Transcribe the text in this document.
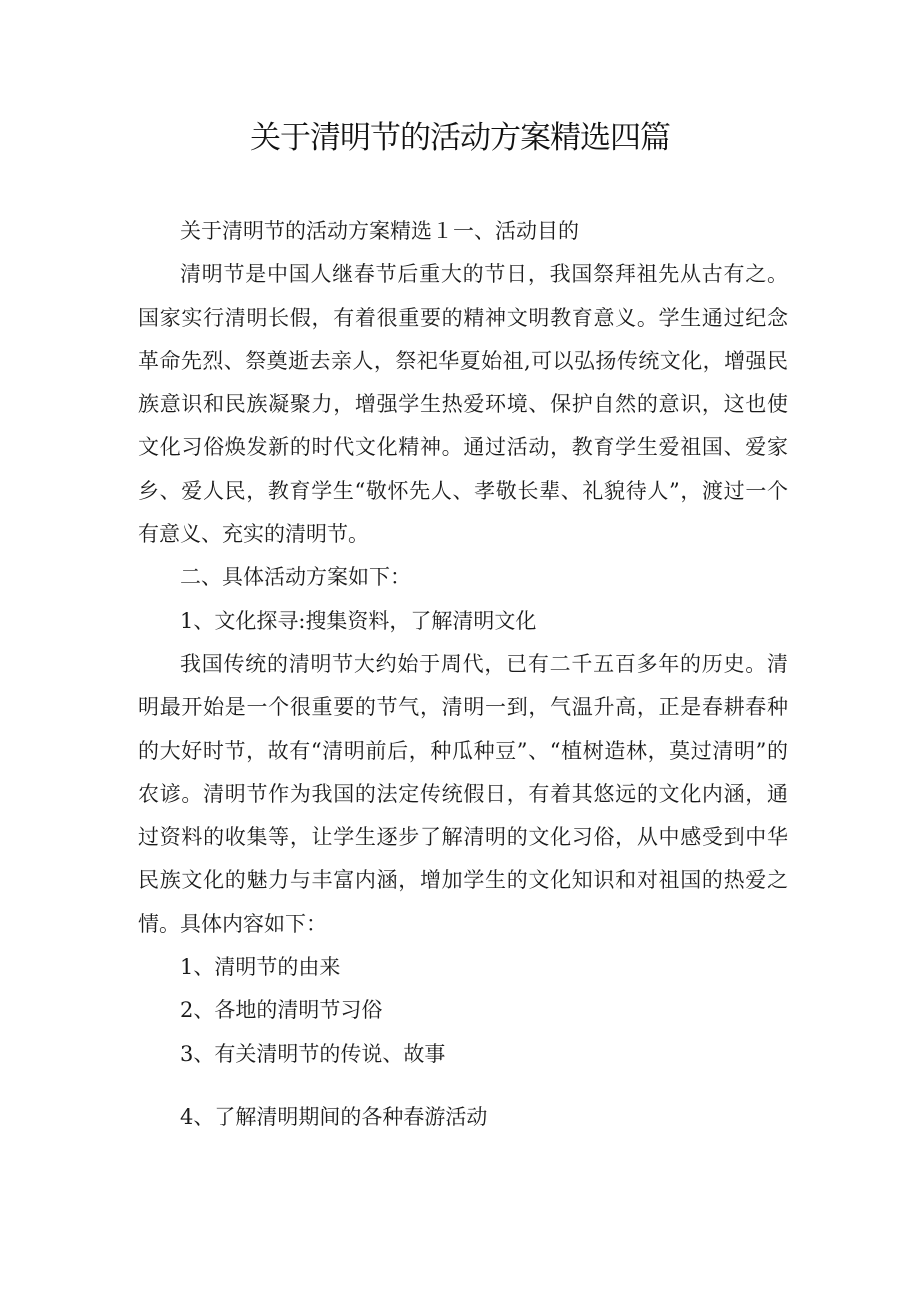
关于清明节的活动方案精选四篇

关于清明节的活动方案精选１一、活动目的

清明节是中国人继春节后重大的节日，我国祭拜祖先从古有之。国家实行清明长假，有着很重要的精神文明教育意义。学生通过纪念革命先烈、祭奠逝去亲人，祭祀华夏始祖,可以弘扬传统文化，增强民族意识和民族凝聚力，增强学生热爱环境、保护自然的意识，这也使文化习俗焕发新的时代文化精神。通过活动，教育学生爱祖国、爱家乡、爱人民，教育学生“敬怀先人、孝敬长辈、礼貌待人”，渡过一个有意义、充实的清明节。

二、具体活动方案如下：

1、文化探寻:搜集资料，了解清明文化

我国传统的清明节大约始于周代，已有二千五百多年的历史。清明最开始是一个很重要的节气，清明一到，气温升高，正是春耕春种的大好时节，故有“清明前后，种瓜种豆”、“植树造林，莫过清明”的农谚。清明节作为我国的法定传统假日，有着其悠远的文化内涵，通过资料的收集等，让学生逐步了解清明的文化习俗，从中感受到中华民族文化的魅力与丰富内涵，增加学生的文化知识和对祖国的热爱之情。具体内容如下：

1、清明节的由来

2、各地的清明节习俗

3、有关清明节的传说、故事

4、了解清明期间的各种春游活动
